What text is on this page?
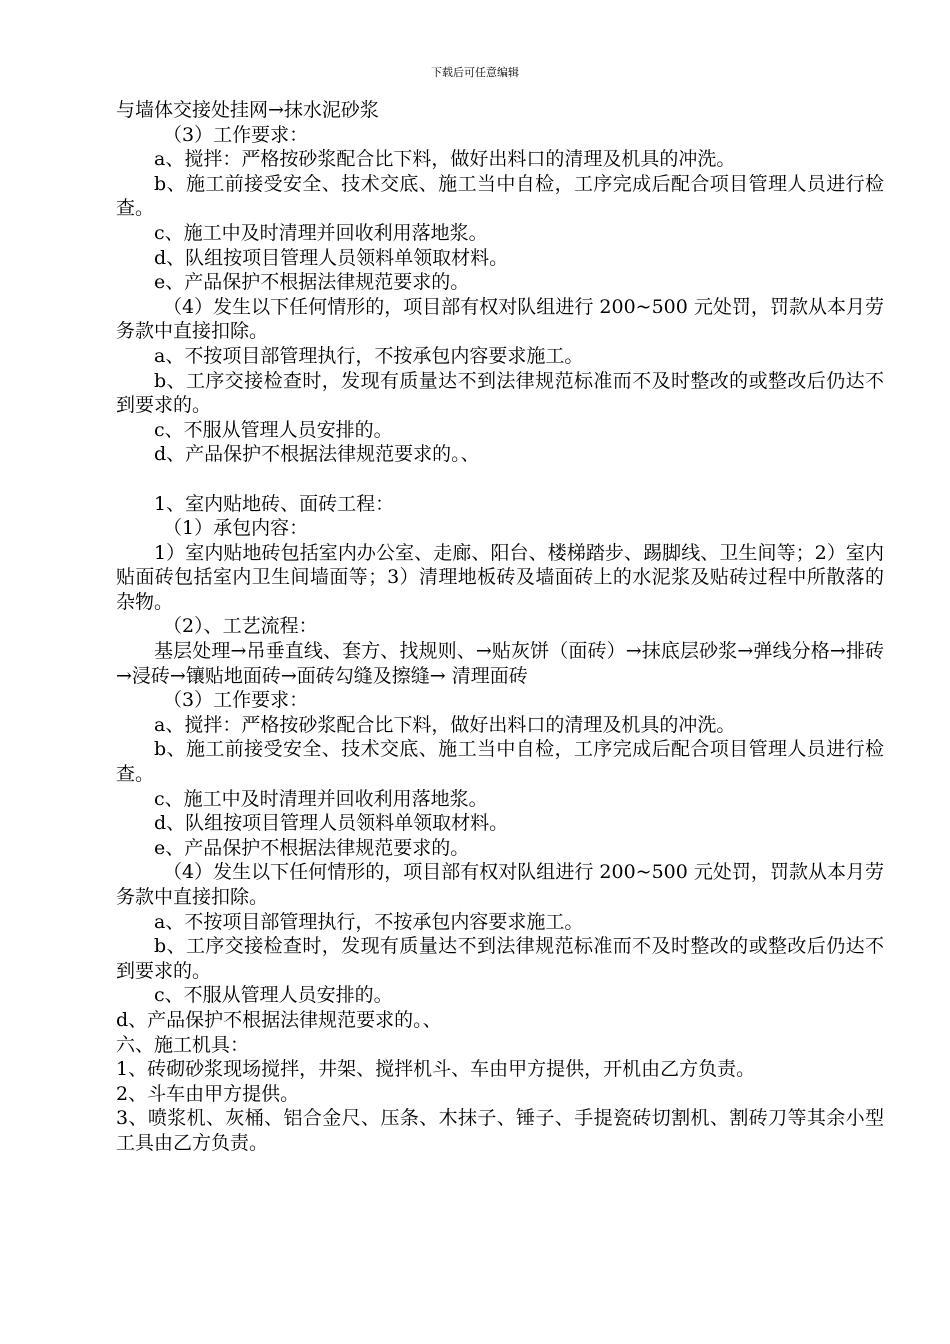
下载后可任意编辑

与墙体交接处挂网→抹水泥砂浆

（3）工作要求：

a、搅拌：严格按砂浆配合比下料，做好出料口的清理及机具的冲洗。

b、施工前接受安全、技术交底、施工当中自检，工序完成后配合项目管理人员进行检查。

c、施工中及时清理并回收利用落地浆。

d、队组按项目管理人员领料单领取材料。

e、产品保护不根据法律规范要求的。

（4）发生以下任何情形的，项目部有权对队组进行 200~500 元处罚，罚款从本月劳务款中直接扣除。

a、不按项目部管理执行，不按承包内容要求施工。

b、工序交接检查时，发现有质量达不到法律规范标准而不及时整改的或整改后仍达不到要求的。

c、不服从管理人员安排的。

d、产品保护不根据法律规范要求的。、

1、室内贴地砖、面砖工程：

（1）承包内容：

1）室内贴地砖包括室内办公室、走廊、阳台、楼梯踏步、踢脚线、卫生间等；2）室内贴面砖包括室内卫生间墙面等；3）清理地板砖及墙面砖上的水泥浆及贴砖过程中所散落的杂物。

（2）、工艺流程：

基层处理→吊垂直线、套方、找规则、→贴灰饼（面砖）→抹底层砂浆→弹线分格→排砖→浸砖→镶贴地面砖→面砖勾缝及擦缝→ 清理面砖

（3）工作要求：

a、搅拌：严格按砂浆配合比下料，做好出料口的清理及机具的冲洗。

b、施工前接受安全、技术交底、施工当中自检，工序完成后配合项目管理人员进行检查。

c、施工中及时清理并回收利用落地浆。

d、队组按项目管理人员领料单领取材料。

e、产品保护不根据法律规范要求的。

（4）发生以下任何情形的，项目部有权对队组进行 200~500 元处罚，罚款从本月劳务款中直接扣除。

a、不按项目部管理执行，不按承包内容要求施工。

b、工序交接检查时，发现有质量达不到法律规范标准而不及时整改的或整改后仍达不到要求的。

c、不服从管理人员安排的。

d、产品保护不根据法律规范要求的。、

六、施工机具：

1、砖砌砂浆现场搅拌，井架、搅拌机斗、车由甲方提供，开机由乙方负责。

2、斗车由甲方提供。

3、喷浆机、灰桶、铝合金尺、压条、木抹子、锤子、手提瓷砖切割机、割砖刀等其余小型工具由乙方负责。
